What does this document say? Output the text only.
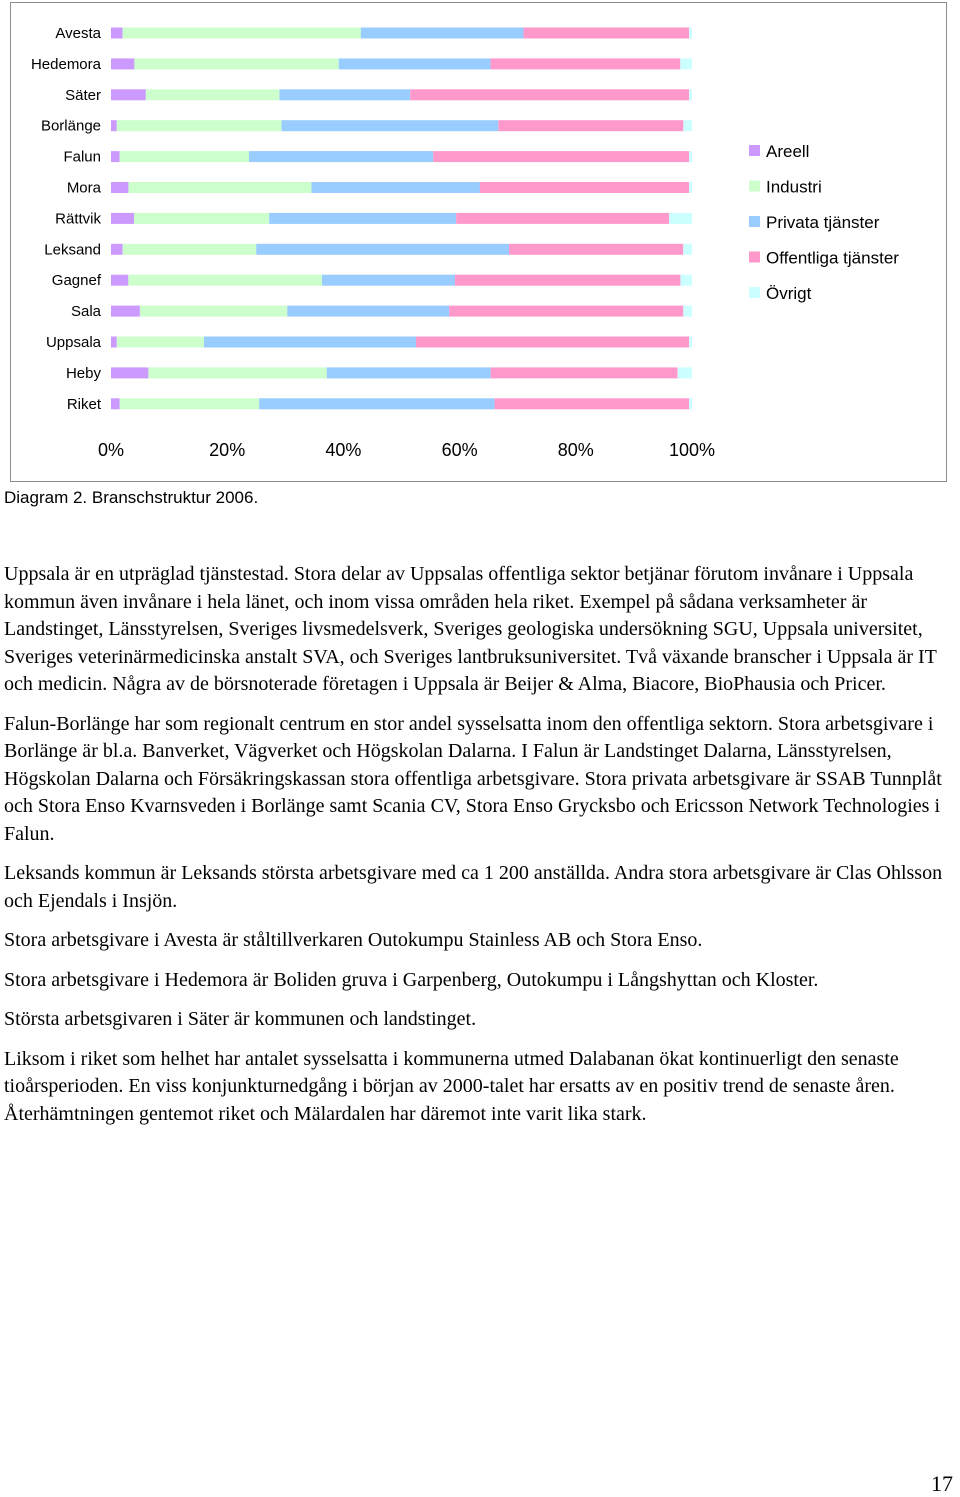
Avesta
Hedemora
Säter
Borlänge
Falun
Mora
Rättvik
Leksand
Gagnef
Sala
Uppsala
Heby
Riket
0%	20%	40%	60%	80%	100%
Areell
Industri
Privata tjänster
Offentliga tjänster
Övrigt
Diagram 2. Branschstruktur 2006.

Uppsala är en utpräglad tjänstestad. Stora delar av Uppsalas offentliga sektor betjänar förutom invånare i Uppsala kommun även invånare i hela länet, och inom vissa områden hela riket. Exempel på sådana verksamheter är Landstinget, Länsstyrelsen, Sveriges livsmedelsverk, Sveriges geologiska undersökning SGU, Uppsala universitet, Sveriges veterinärmedicinska anstalt SVA, och Sveriges lantbruksuniversitet. Två växande branscher i Uppsala är IT och medicin. Några av de börsnoterade företagen i Uppsala är Beijer & Alma, Biacore, BioPhausia och Pricer.

Falun-Borlänge har som regionalt centrum en stor andel sysselsatta inom den offentliga sektorn. Stora arbetsgivare i Borlänge är bl.a. Banverket, Vägverket och Högskolan Dalarna. I Falun är Landstinget Dalarna, Länsstyrelsen, Högskolan Dalarna och Försäkringskassan stora offentliga arbetsgivare. Stora privata arbetsgivare är SSAB Tunnplåt och Stora Enso Kvarnsveden i Borlänge samt Scania CV, Stora Enso Grycksbo och Ericsson Network Technologies i Falun.

Leksands kommun är Leksands största arbetsgivare med ca 1 200 anställda. Andra stora arbetsgivare är Clas Ohlsson och Ejendals i Insjön.

Stora arbetsgivare i Avesta är ståltillverkaren Outokumpu Stainless AB och Stora Enso.

Stora arbetsgivare i Hedemora är Boliden gruva i Garpenberg, Outokumpu i Långshyttan och Kloster.

Största arbetsgivaren i Säter är kommunen och landstinget.

Liksom i riket som helhet har antalet sysselsatta i kommunerna utmed Dalabanan ökat kontinuerligt den senaste tioårsperioden. En viss konjunkturnedgång i början av 2000-talet har ersatts av en positiv trend de senaste åren. Återhämtningen gentemot riket och Mälardalen har däremot inte varit lika stark.

17
